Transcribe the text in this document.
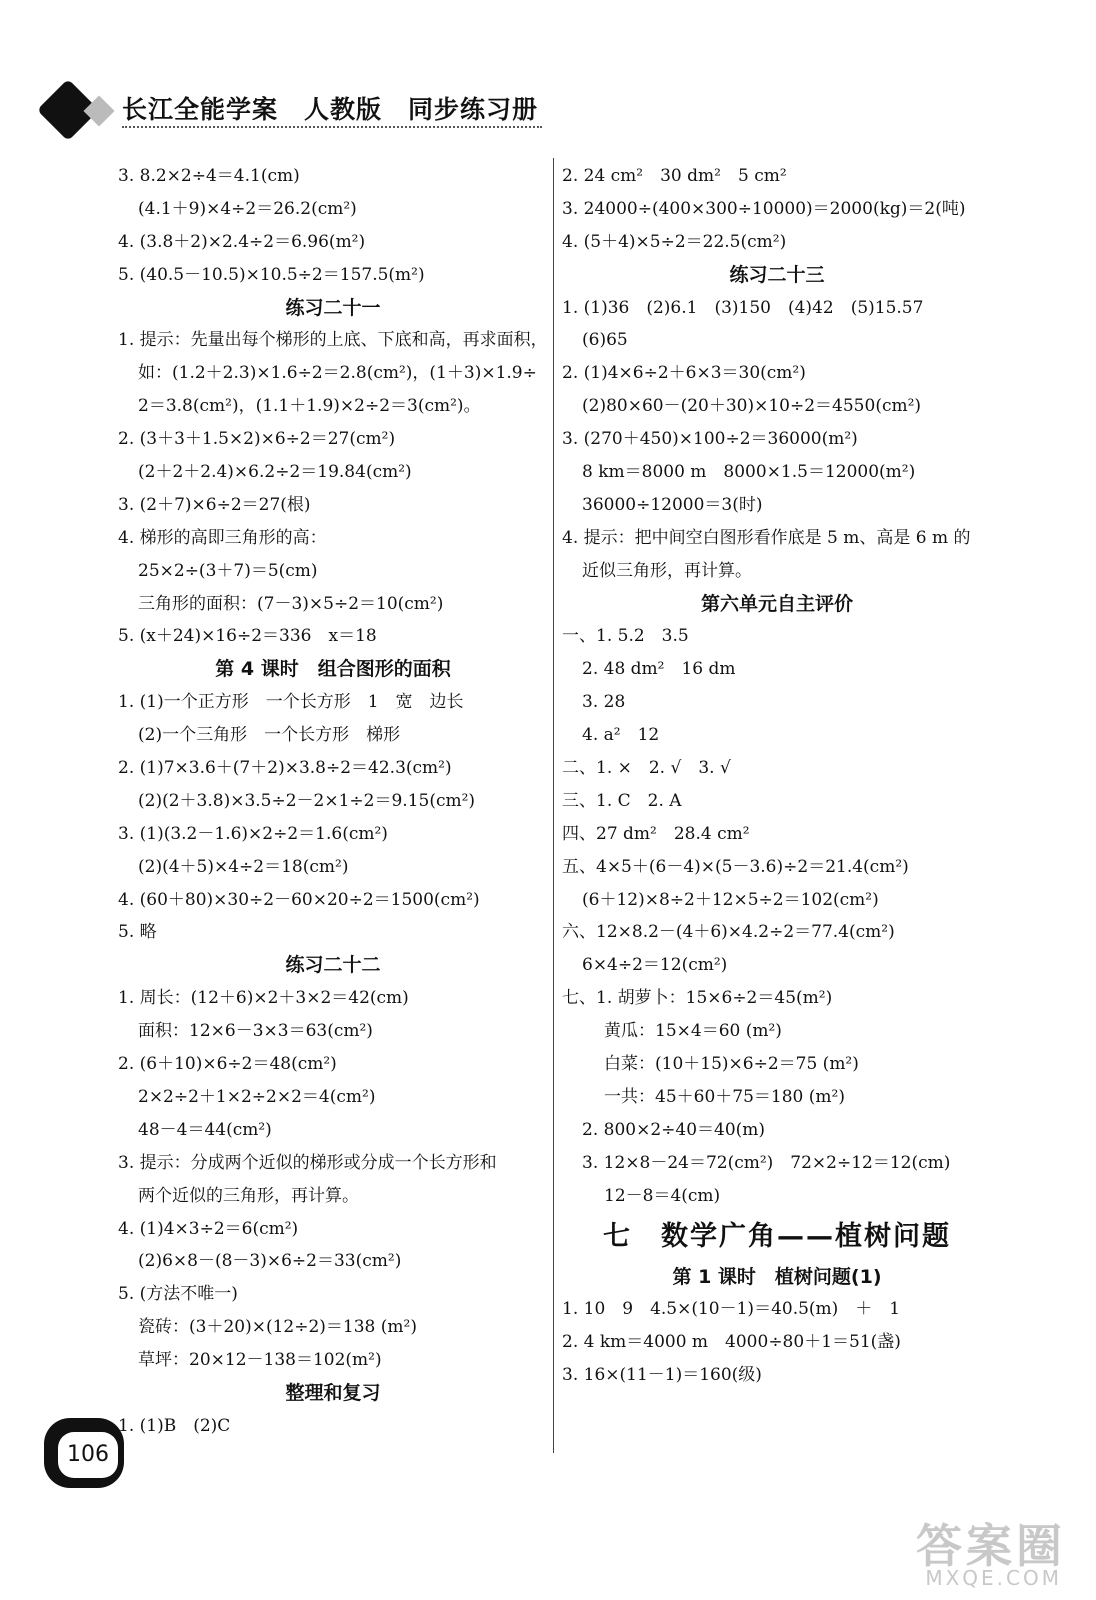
长江全能学案　人教版　同步练习册
3. 8.2×2÷4＝4.1(cm)
(4.1＋9)×4÷2＝26.2(cm²)
4. (3.8＋2)×2.4÷2＝6.96(m²)
5. (40.5－10.5)×10.5÷2＝157.5(m²)
练习二十一
1. 提示：先量出每个梯形的上底、下底和高，再求面积，
如：(1.2＋2.3)×1.6÷2＝2.8(cm²)，(1＋3)×1.9÷
2＝3.8(cm²)，(1.1＋1.9)×2÷2＝3(cm²)。
2. (3＋3＋1.5×2)×6÷2＝27(cm²)
(2＋2＋2.4)×6.2÷2＝19.84(cm²)
3. (2＋7)×6÷2＝27(根)
4. 梯形的高即三角形的高：
25×2÷(3＋7)＝5(cm)
三角形的面积：(7－3)×5÷2＝10(cm²)
5. (x＋24)×16÷2＝336　x＝18
第 4 课时　组合图形的面积
1. (1)一个正方形　一个长方形　1　宽　边长
(2)一个三角形　一个长方形　梯形
2. (1)7×3.6＋(7＋2)×3.8÷2＝42.3(cm²)
(2)(2＋3.8)×3.5÷2－2×1÷2＝9.15(cm²)
3. (1)(3.2－1.6)×2÷2＝1.6(cm²)
(2)(4＋5)×4÷2＝18(cm²)
4. (60＋80)×30÷2－60×20÷2＝1500(cm²)
5. 略
练习二十二
1. 周长：(12＋6)×2＋3×2＝42(cm)
面积：12×6－3×3＝63(cm²)
2. (6＋10)×6÷2＝48(cm²)
2×2÷2＋1×2÷2×2＝4(cm²)
48－4＝44(cm²)
3. 提示：分成两个近似的梯形或分成一个长方形和
两个近似的三角形，再计算。
4. (1)4×3÷2＝6(cm²)
(2)6×8－(8－3)×6÷2＝33(cm²)
5. (方法不唯一)
瓷砖：(3＋20)×(12÷2)＝138 (m²)
草坪：20×12－138＝102(m²)
整理和复习
1. (1)B　(2)C
2. 24 cm²　30 dm²　5 cm²
3. 24000÷(400×300÷10000)＝2000(kg)＝2(吨)
4. (5＋4)×5÷2＝22.5(cm²)
练习二十三
1. (1)36　(2)6.1　(3)150　(4)42　(5)15.57
(6)65
2. (1)4×6÷2＋6×3＝30(cm²)
(2)80×60－(20＋30)×10÷2＝4550(cm²)
3. (270＋450)×100÷2＝36000(m²)
8 km＝8000 m　8000×1.5＝12000(m²)
36000÷12000＝3(时)
4. 提示：把中间空白图形看作底是 5 m、高是 6 m 的
近似三角形，再计算。
第六单元自主评价
一、1. 5.2　3.5
2. 48 dm²　16 dm
3. 28
4. a²　12
二、1. ×　2. √　3. √
三、1. C　2. A
四、27 dm²　28.4 cm²
五、4×5＋(6－4)×(5－3.6)÷2＝21.4(cm²)
(6＋12)×8÷2＋12×5÷2＝102(cm²)
六、12×8.2－(4＋6)×4.2÷2＝77.4(cm²)
6×4÷2＝12(cm²)
七、1. 胡萝卜：15×6÷2＝45(m²)
黄瓜：15×4＝60 (m²)
白菜：(10＋15)×6÷2＝75 (m²)
一共：45＋60＋75＝180 (m²)
2. 800×2÷40＝40(m)
3. 12×8－24＝72(cm²)　72×2÷12＝12(cm)
12－8＝4(cm)
七　数学广角——植树问题
第 1 课时　植树问题(1)
1. 10　9　4.5×(10－1)＝40.5(m)　＋　1
2. 4 km＝4000 m　4000÷80＋1＝51(盏)
3. 16×(11－1)＝160(级)
106
答案圈
MXQE.COM
